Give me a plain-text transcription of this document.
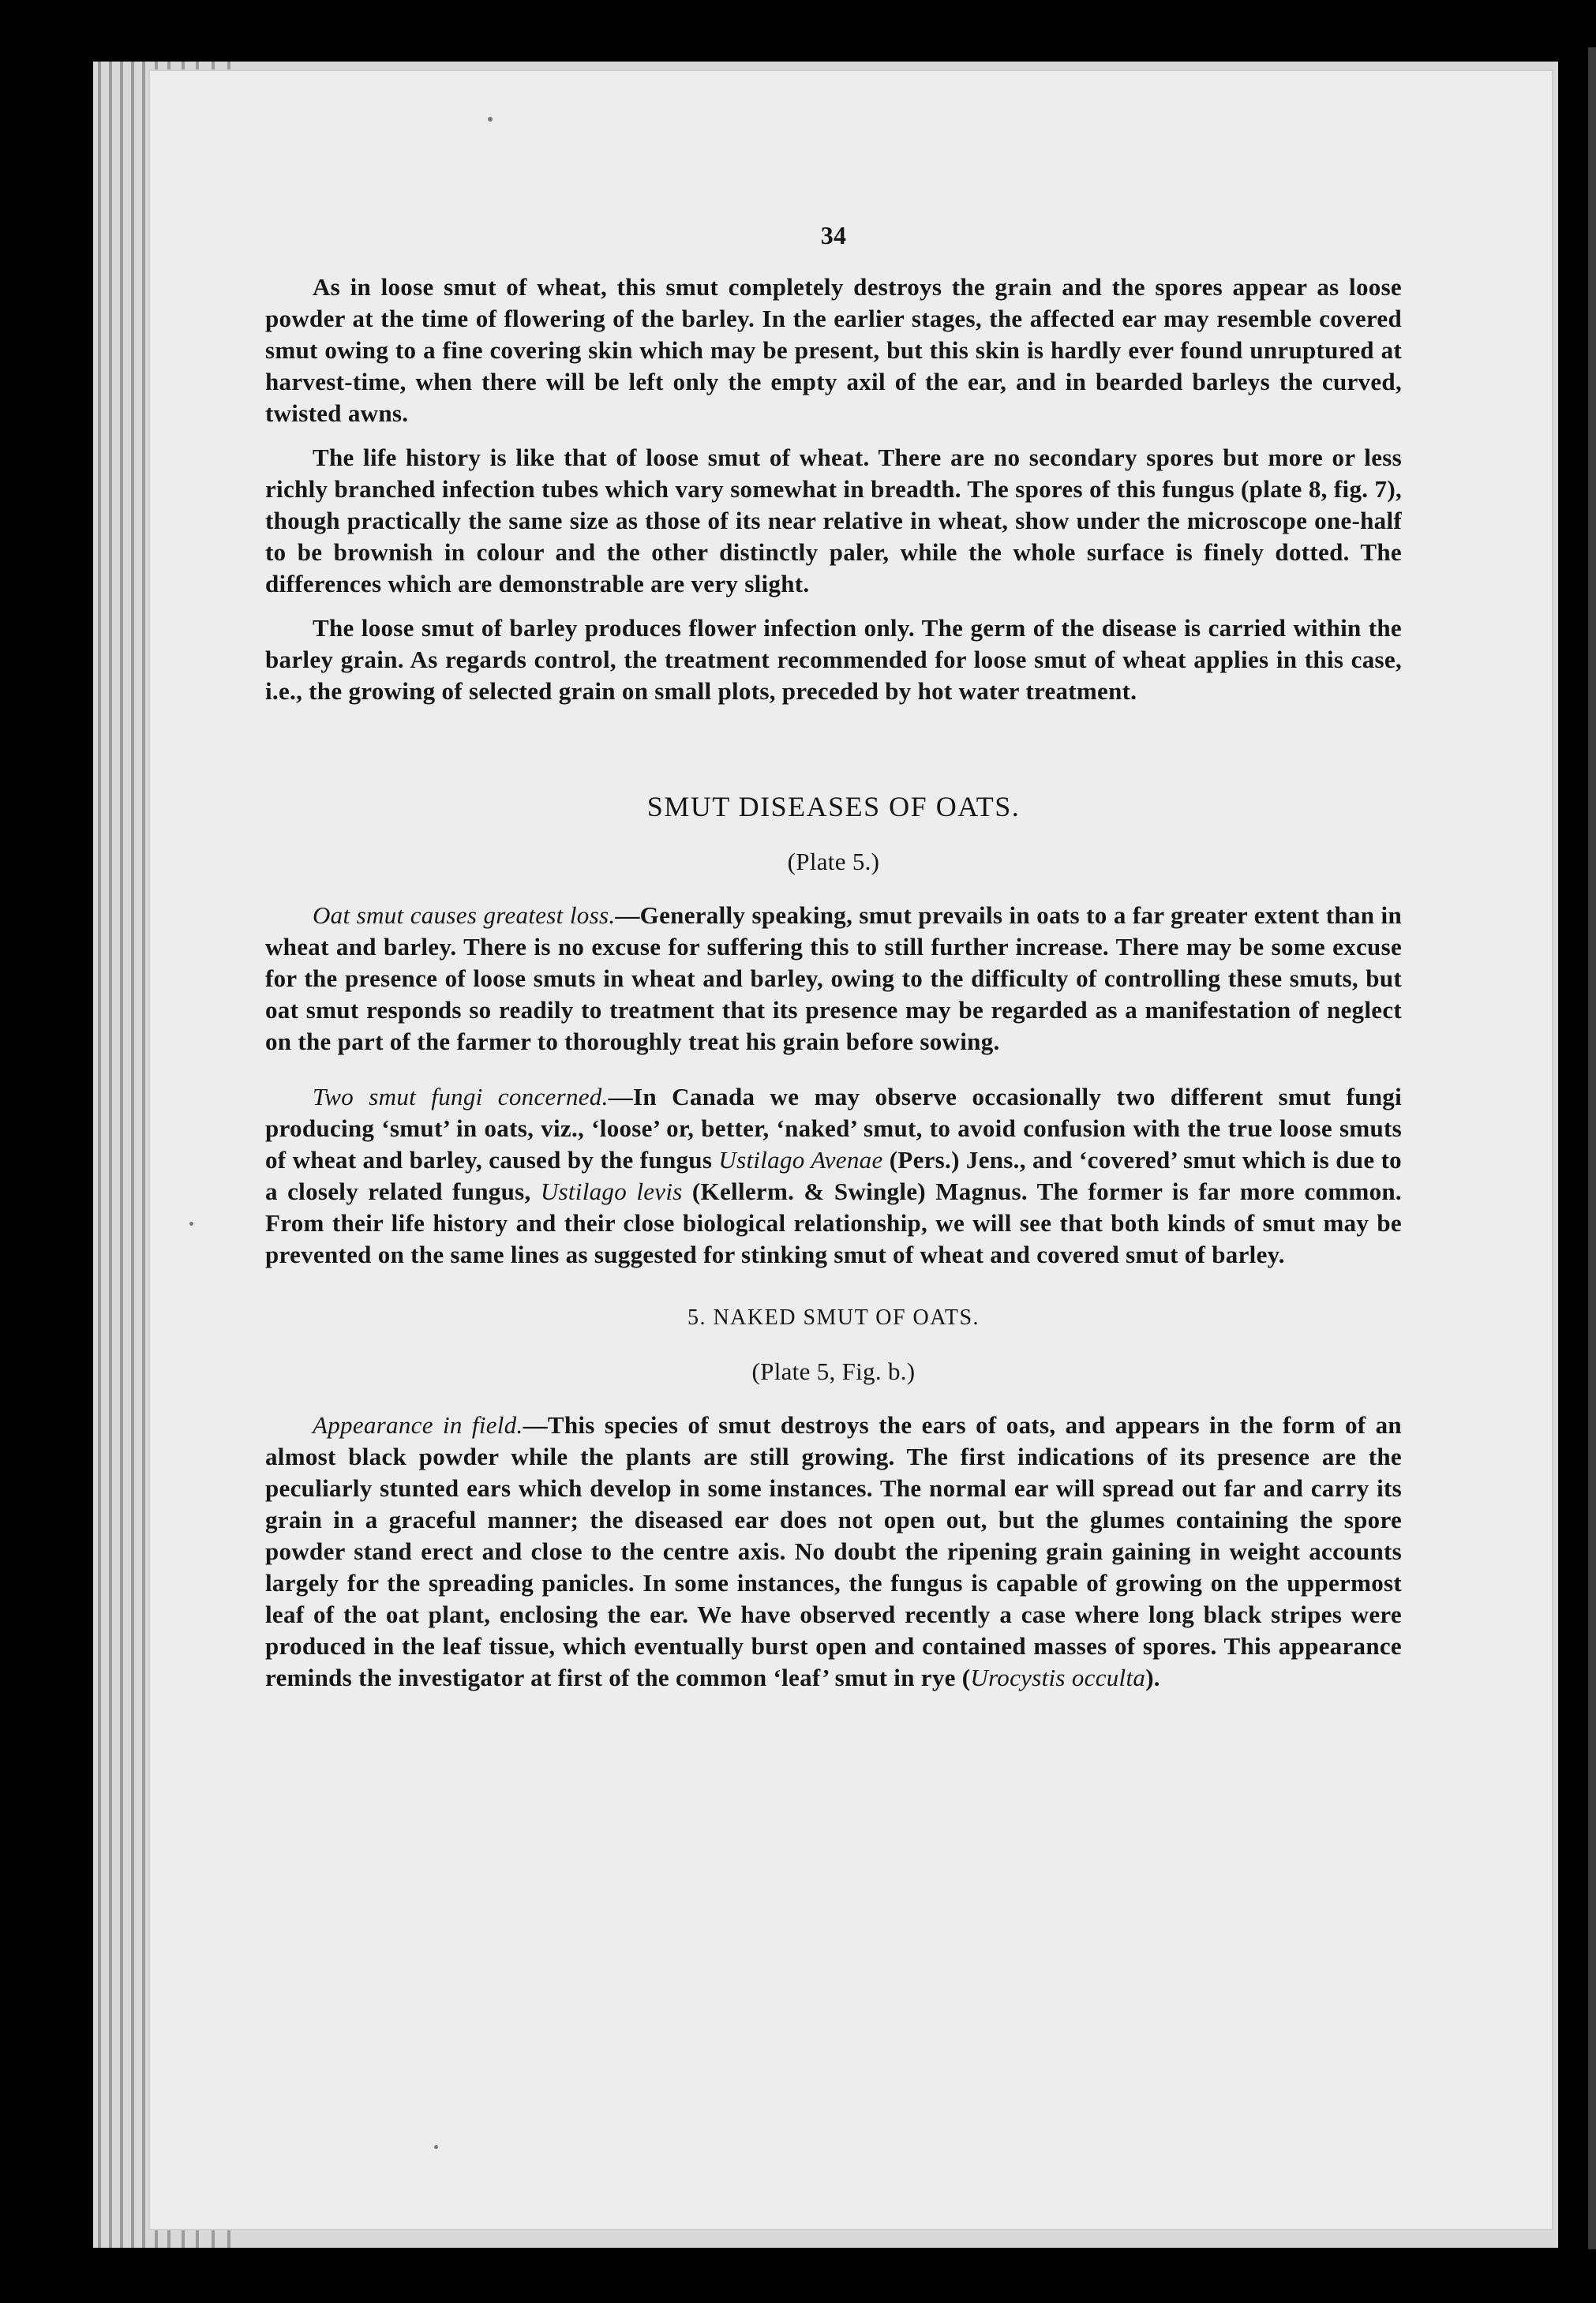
34

As in loose smut of wheat, this smut completely destroys the grain and the spores appear as loose powder at the time of flowering of the barley. In the earlier stages, the affected ear may resemble covered smut owing to a fine covering skin which may be present, but this skin is hardly ever found unruptured at harvest-time, when there will be left only the empty axil of the ear, and in bearded barleys the curved, twisted awns.

The life history is like that of loose smut of wheat. There are no secondary spores but more or less richly branched infection tubes which vary somewhat in breadth. The spores of this fungus (plate 8, fig. 7), though practically the same size as those of its near relative in wheat, show under the microscope one-half to be brownish in colour and the other distinctly paler, while the whole surface is finely dotted. The differences which are demonstrable are very slight.

The loose smut of barley produces flower infection only. The germ of the disease is carried within the barley grain. As regards control, the treatment recommended for loose smut of wheat applies in this case, i.e., the growing of selected grain on small plots, preceded by hot water treatment.

SMUT DISEASES OF OATS.
(Plate 5.)

Oat smut causes greatest loss.—Generally speaking, smut prevails in oats to a far greater extent than in wheat and barley. There is no excuse for suffering this to still further increase. There may be some excuse for the presence of loose smuts in wheat and barley, owing to the difficulty of controlling these smuts, but oat smut responds so readily to treatment that its presence may be regarded as a manifestation of neglect on the part of the farmer to thoroughly treat his grain before sowing.

Two smut fungi concerned.—In Canada we may observe occasionally two different smut fungi producing ‘smut’ in oats, viz., ‘loose’ or, better, ‘naked’ smut, to avoid confusion with the true loose smuts of wheat and barley, caused by the fungus Ustilago Avenae (Pers.) Jens., and ‘covered’ smut which is due to a closely related fungus, Ustilago levis (Kellerm. & Swingle) Magnus. The former is far more common. From their life history and their close biological relationship, we will see that both kinds of smut may be prevented on the same lines as suggested for stinking smut of wheat and covered smut of barley.

5. NAKED SMUT OF OATS.
(Plate 5, Fig. b.)

Appearance in field.—This species of smut destroys the ears of oats, and appears in the form of an almost black powder while the plants are still growing. The first indications of its presence are the peculiarly stunted ears which develop in some instances. The normal ear will spread out far and carry its grain in a graceful manner; the diseased ear does not open out, but the glumes containing the spore powder stand erect and close to the centre axis. No doubt the ripening grain gaining in weight accounts largely for the spreading panicles. In some instances, the fungus is capable of growing on the uppermost leaf of the oat plant, enclosing the ear. We have observed recently a case where long black stripes were produced in the leaf tissue, which eventually burst open and contained masses of spores. This appearance reminds the investigator at first of the common ‘leaf’ smut in rye (Urocystis occulta).
